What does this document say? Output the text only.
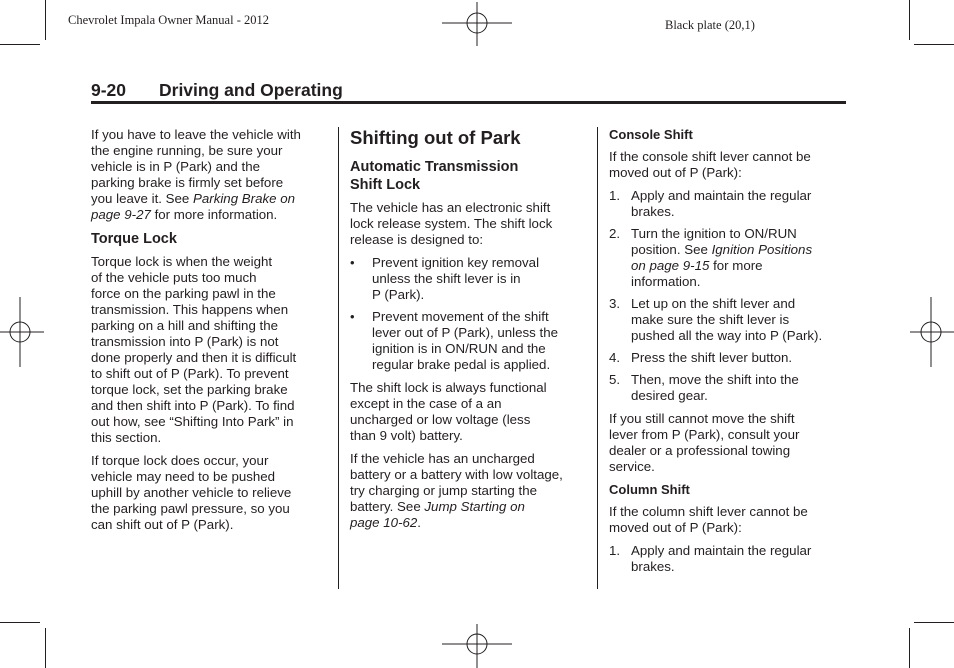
Chevrolet Impala Owner Manual - 2012	Black plate (20,1)
9-20 Driving and Operating

If you have to leave the vehicle with
the engine running, be sure your
vehicle is in P (Park) and the
parking brake is firmly set before
you leave it. See Parking Brake on
page 9-27 for more information.

Torque Lock

Torque lock is when the weight
of the vehicle puts too much
force on the parking pawl in the
transmission. This happens when
parking on a hill and shifting the
transmission into P (Park) is not
done properly and then it is difficult
to shift out of P (Park). To prevent
torque lock, set the parking brake
and then shift into P (Park). To find
out how, see “Shifting Into Park” in
this section.

If torque lock does occur, your
vehicle may need to be pushed
uphill by another vehicle to relieve
the parking pawl pressure, so you
can shift out of P (Park).

Shifting out of Park
Automatic Transmission
Shift Lock

The vehicle has an electronic shift
lock release system. The shift lock
release is designed to:

• Prevent ignition key removal
unless the shift lever is in
P (Park).
• Prevent movement of the shift
lever out of P (Park), unless the
ignition is in ON/RUN and the
regular brake pedal is applied.

The shift lock is always functional
except in the case of a an
uncharged or low voltage (less
than 9 volt) battery.

If the vehicle has an uncharged
battery or a battery with low voltage,
try charging or jump starting the
battery. See Jump Starting on
page 10-62.

Console Shift

If the console shift lever cannot be
moved out of P (Park):

1. Apply and maintain the regular
brakes.
2. Turn the ignition to ON/RUN
position. See Ignition Positions
on page 9-15 for more
information.
3. Let up on the shift lever and
make sure the shift lever is
pushed all the way into P (Park).
4. Press the shift lever button.
5. Then, move the shift into the
desired gear.

If you still cannot move the shift
lever from P (Park), consult your
dealer or a professional towing
service.

Column Shift

If the column shift lever cannot be
moved out of P (Park):

1. Apply and maintain the regular
brakes.
